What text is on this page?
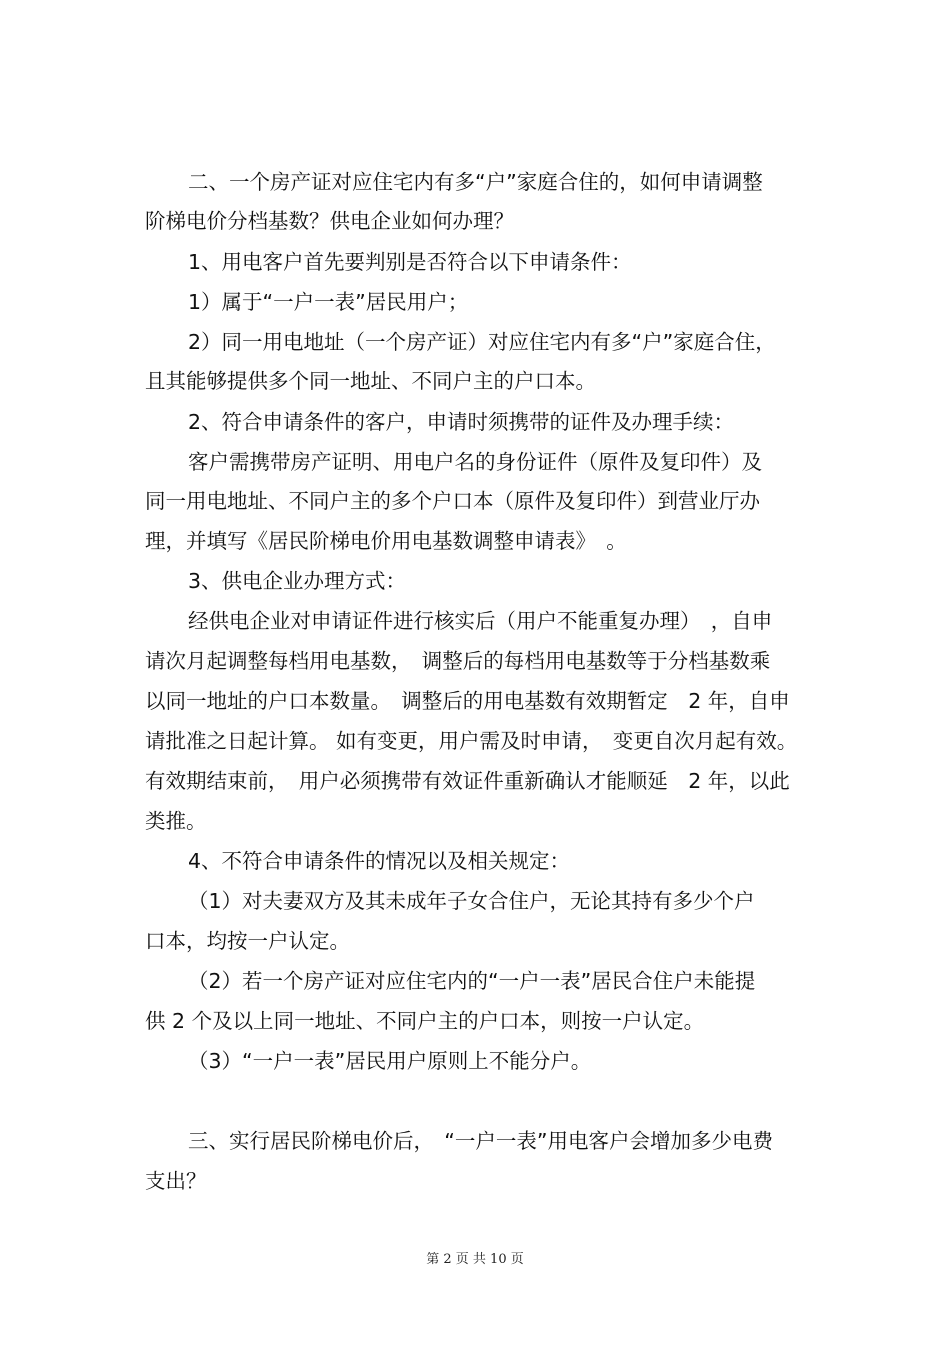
二、一个房产证对应住宅内有多“户”家庭合住的，如何申请调整
阶梯电价分档基数？供电企业如何办理？
1、用电客户首先要判别是否符合以下申请条件：
1）属于“一户一表”居民用户；
2）同一用电地址（一个房产证）对应住宅内有多“户”家庭合住，
且其能够提供多个同一地址、不同户主的户口本。
2、符合申请条件的客户，申请时须携带的证件及办理手续：
客户需携带房产证明、用电户名的身份证件（原件及复印件）及
同一用电地址、不同户主的多个户口本（原件及复印件）到营业厅办
理，并填写《居民阶梯电价用电基数调整申请表》　。
3、供电企业办理方式：
经供电企业对申请证件进行核实后（用户不能重复办理）　，自申
请次月起调整每档用电基数，　调整后的每档用电基数等于分档基数乘
以同一地址的户口本数量。　调整后的用电基数有效期暂定　2 年，自申
请批准之日起计算。 如有变更，用户需及时申请，　变更自次月起有效。
有效期结束前，　用户必须携带有效证件重新确认才能顺延　2 年，以此
类推。
4、不符合申请条件的情况以及相关规定：
（1）对夫妻双方及其未成年子女合住户，无论其持有多少个户
口本，均按一户认定。
（2）若一个房产证对应住宅内的“一户一表”居民合住户未能提
供 2 个及以上同一地址、不同户主的户口本，则按一户认定。
（3）“一户一表”居民用户原则上不能分户。
三、实行居民阶梯电价后，　“一户一表”用电客户会增加多少电费
支出？
第 2 页 共 10 页
